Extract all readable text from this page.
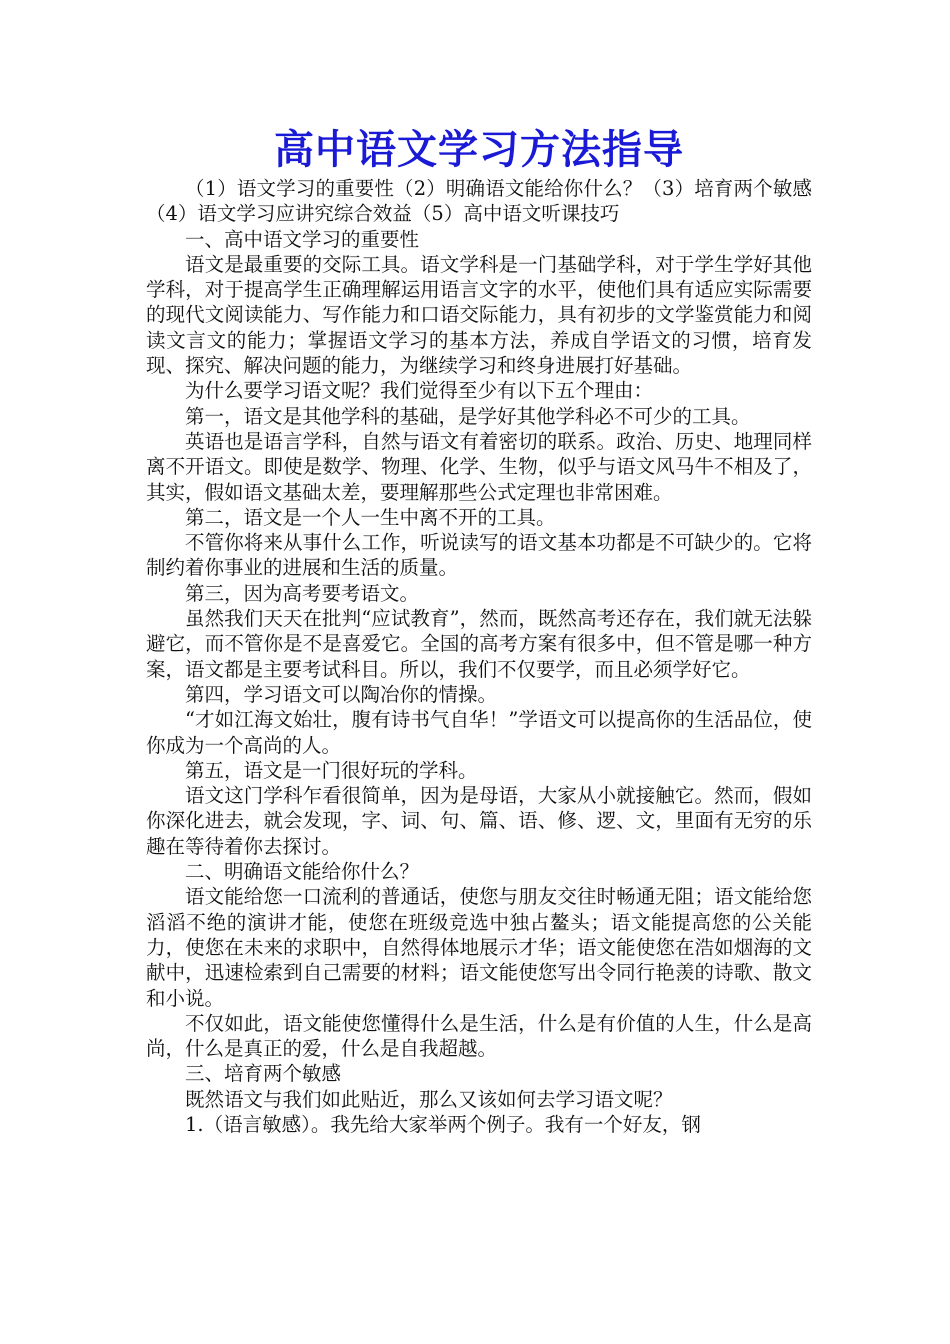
高中语文学习方法指导

（1）语文学习的重要性（2）明确语文能给你什么？（3）培育两个敏感（4）语文学习应讲究综合效益（5）高中语文听课技巧

一、高中语文学习的重要性

语文是最重要的交际工具。语文学科是一门基础学科，对于学生学好其他学科，对于提高学生正确理解运用语言文字的水平，使他们具有适应实际需要的现代文阅读能力、写作能力和口语交际能力，具有初步的文学鉴赏能力和阅读文言文的能力；掌握语文学习的基本方法，养成自学语文的习惯，培育发现、探究、解决问题的能力，为继续学习和终身进展打好基础。

为什么要学习语文呢？我们觉得至少有以下五个理由：

第一，语文是其他学科的基础，是学好其他学科必不可少的工具。

英语也是语言学科，自然与语文有着密切的联系。政治、历史、地理同样离不开语文。即使是数学、物理、化学、生物，似乎与语文风马牛不相及了，其实，假如语文基础太差，要理解那些公式定理也非常困难。

第二，语文是一个人一生中离不开的工具。

不管你将来从事什么工作，听说读写的语文基本功都是不可缺少的。它将制约着你事业的进展和生活的质量。

第三，因为高考要考语文。

虽然我们天天在批判“应试教育”，然而，既然高考还存在，我们就无法躲避它，而不管你是不是喜爱它。全国的高考方案有很多中，但不管是哪一种方案，语文都是主要考试科目。所以，我们不仅要学，而且必须学好它。

第四，学习语文可以陶冶你的情操。

“才如江海文始壮，腹有诗书气自华！”学语文可以提高你的生活品位，使你成为一个高尚的人。

第五，语文是一门很好玩的学科。

语文这门学科乍看很简单，因为是母语，大家从小就接触它。然而，假如你深化进去，就会发现，字、词、句、篇、语、修、逻、文，里面有无穷的乐趣在等待着你去探讨。

二、明确语文能给你什么？

语文能给您一口流利的普通话，使您与朋友交往时畅通无阻；语文能给您滔滔不绝的演讲才能，使您在班级竞选中独占鳌头；语文能提高您的公关能力，使您在未来的求职中，自然得体地展示才华；语文能使您在浩如烟海的文献中，迅速检索到自己需要的材料；语文能使您写出令同行艳羡的诗歌、散文和小说。

不仅如此，语文能使您懂得什么是生活，什么是有价值的人生，什么是高尚，什么是真正的爱，什么是自我超越。

三、培育两个敏感

既然语文与我们如此贴近，那么又该如何去学习语文呢？

1.（语言敏感）。我先给大家举两个例子。我有一个好友，钢
